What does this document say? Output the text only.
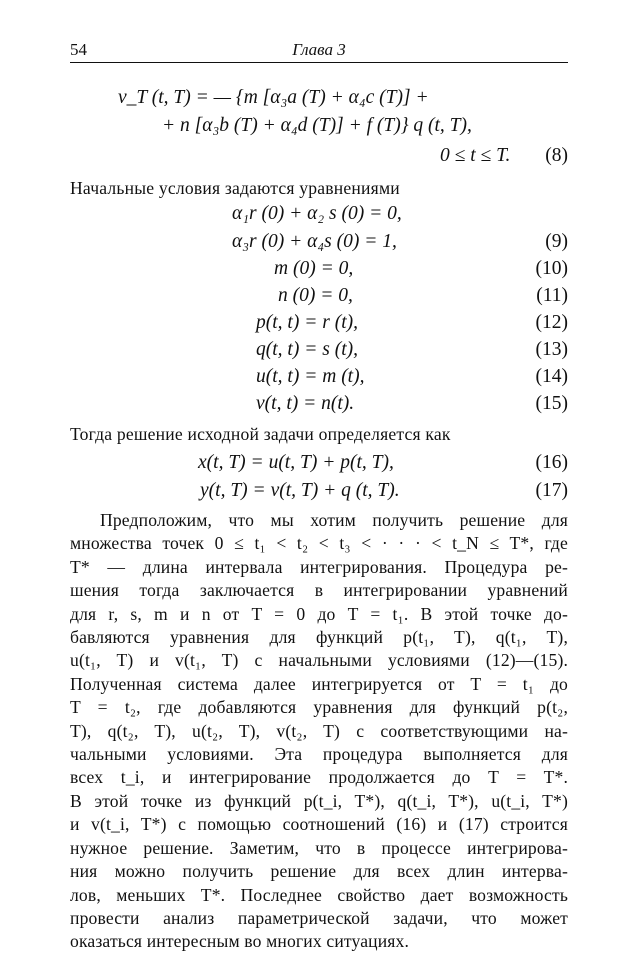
54	Глава 3
v_T (t, T) = — {m [α₃a (T) + α₄c (T)] +
+ n [α₃b (T) + α₄d (T)] + f (T)} q (t, T),
0 ≤ t ≤ T.	(8)
Начальные условия задаются уравнениями
α₁r (0) + α₂ s (0) = 0,
α₃r (0) + α₄s (0) = 1,	(9)
m (0) = 0,	(10)
n (0) = 0,	(11)
p(t, t) = r (t),	(12)
q(t, t) = s (t),	(13)
u(t, t) = m (t),	(14)
v(t, t) = n(t).	(15)
Тогда решение исходной задачи определяется как
x(t, T) = u(t, T) + p(t, T),	(16)
y(t, T) = v(t, T) + q (t, T).	(17)
Предположим, что мы хотим получить решение для
множества точек 0 ≤ t₁ < t₂ < t₃ < · · · < t_N ≤ T*, где
T* — длина интервала интегрирования. Процедура ре-
шения тогда заключается в интегрировании уравнений
для r, s, m и n от T = 0 до T = t₁. В этой точке до-
бавляются уравнения для функций p(t₁, T), q(t₁, T),
u(t₁, T) и v(t₁, T) с начальными условиями (12)—(15).
Полученная система далее интегрируется от T = t₁ до
T = t₂, где добавляются уравнения для функций p(t₂,
T), q(t₂, T), u(t₂, T), v(t₂, T) с соответствующими на-
чальными условиями. Эта процедура выполняется для
всех t_i, и интегрирование продолжается до T = T*.
В этой точке из функций p(t_i, T*), q(t_i, T*), u(t_i, T*)
и v(t_i, T*) с помощью соотношений (16) и (17) строится
нужное решение. Заметим, что в процессе интегрирова-
ния можно получить решение для всех длин интерва-
лов, меньших T*. Последнее свойство дает возможность
провести анализ параметрической задачи, что может
оказаться интересным во многих ситуациях.
